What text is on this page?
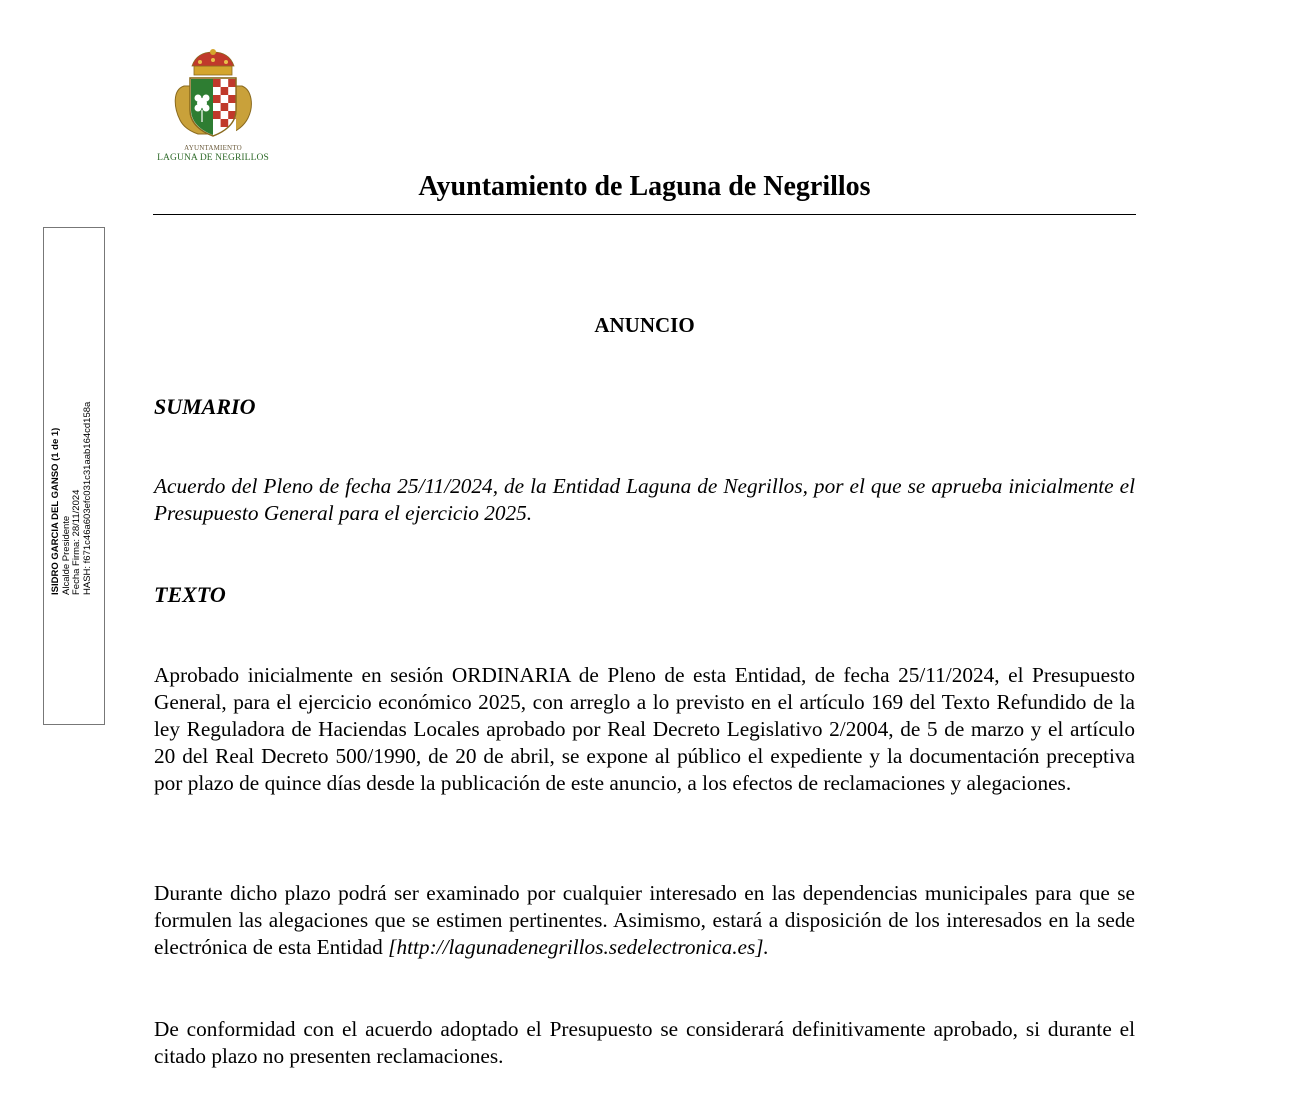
AYUNTAMIENTO
LAGUNA DE NEGRILLOS
Ayuntamiento de Laguna de Negrillos
ISIDRO GARCIA DEL GANSO (1 de 1) Alcalde Presidente Fecha Firma: 28/11/2024 HASH: f671c46a603efc031c31aab164cd158a
ANUNCIO
SUMARIO
Acuerdo del Pleno de fecha 25/11/2024, de la Entidad Laguna de Negrillos, por el que se aprueba inicialmente el Presupuesto General para el ejercicio 2025.
TEXTO
Aprobado inicialmente en sesión ORDINARIA de Pleno de esta Entidad, de fecha 25/11/2024, el Presupuesto General, para el ejercicio económico 2025, con arreglo a lo previsto en el artículo 169 del Texto Refundido de la ley Reguladora de Haciendas Locales aprobado por Real Decreto Legislativo 2/2004, de 5 de marzo y el artículo 20 del Real Decreto 500/1990, de 20 de abril, se expone al público el expediente y la documentación preceptiva por plazo de quince días desde la publicación de este anuncio, a los efectos de reclamaciones y alegaciones.
Durante dicho plazo podrá ser examinado por cualquier interesado en las dependencias municipales para que se formulen las alegaciones que se estimen pertinentes. Asimismo, estará a disposición de los interesados en la sede electrónica de esta Entidad [http://lagunadenegrillos.sedelectronica.es].
De conformidad con el acuerdo adoptado el Presupuesto se considerará definitivamente aprobado, si durante el citado plazo no presenten reclamaciones.
